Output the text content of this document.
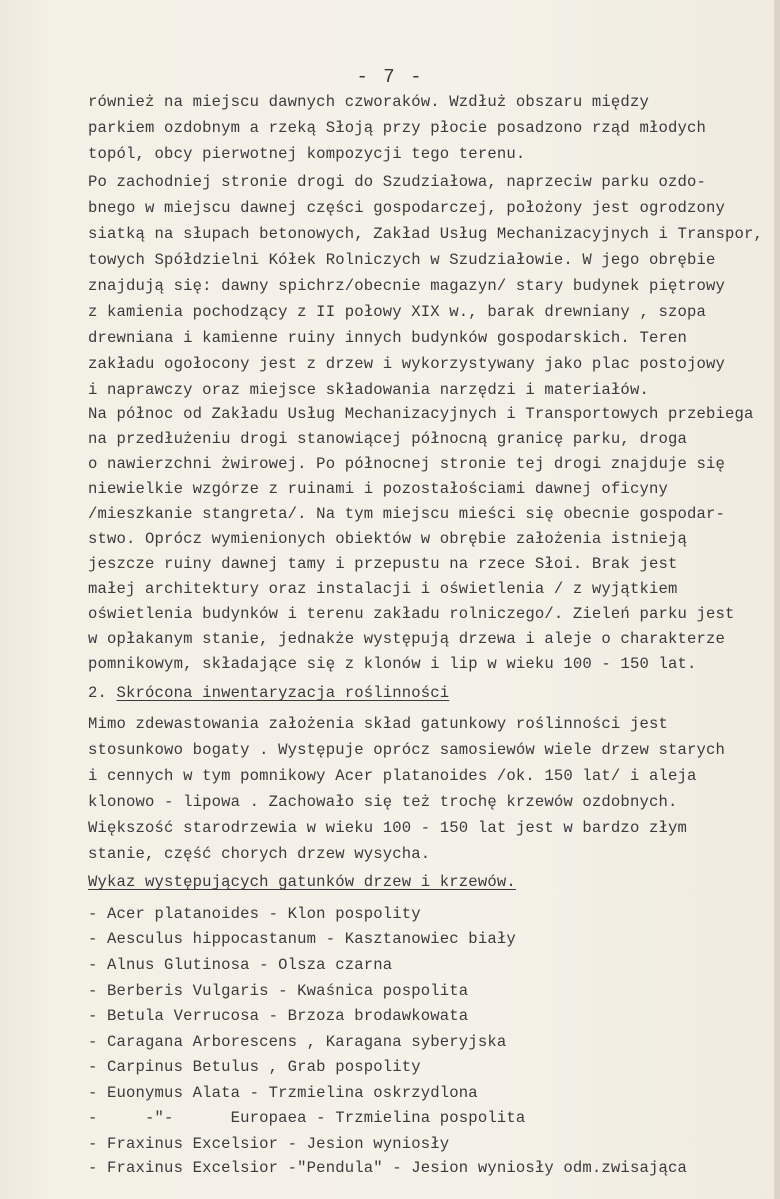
- 7 -
również na miejscu dawnych czworaków. Wzdłuż obszaru między
parkiem ozdobnym a rzeką Słoją przy płocie posadzono rząd młodych
topól, obcy pierwotnej kompozycji tego terenu.
Po zachodniej stronie drogi do Szudziałowa, naprzeciw parku ozdo-
bnego w miejscu dawnej części gospodarczej, położony jest ogrodzony
siatką na słupach betonowych, Zakład Usług Mechanizacyjnych i Transpor,
towych Spółdzielni Kółek Rolniczych w Szudziałowie. W jego obrębie
znajdują się: dawny spichrz/obecnie magazyn/ stary budynek piętrowy
z kamienia pochodzący z II połowy XIX w., barak drewniany , szopa
drewniana i kamienne ruiny innych budynków gospodarskich. Teren
zakładu ogołocony jest z drzew i wykorzystywany jako plac postojowy
i naprawczy oraz miejsce składowania narzędzi i materiałów.
Na północ od Zakładu Usług Mechanizacyjnych i Transportowych przebiega
na przedłużeniu drogi stanowiącej północną granicę parku, droga
o nawierzchni żwirowej. Po północnej stronie tej drogi znajduje się
niewielkie wzgórze z ruinami i pozostałościami dawnej oficyny
/mieszkanie stangreta/. Na tym miejscu mieści się obecnie gospodar-
stwo. Oprócz wymienionych obiektów w obrębie założenia istnieją
jeszcze ruiny dawnej tamy i przepustu na rzece Słoi. Brak jest
małej architektury oraz instalacji i oświetlenia / z wyjątkiem
oświetlenia budynków i terenu zakładu rolniczego/. Zieleń parku jest
w opłakanym stanie, jednakże występują drzewa i aleje o charakterze
pomnikowym, składające się z klonów i lip w wieku 100 - 150 lat.
2. Skrócona inwentaryzacja roślinności
Mimo zdewastowania założenia skład gatunkowy roślinności jest
stosunkowo bogaty . Występuje oprócz samosiewów wiele drzew starych
i cennych w tym pomnikowy Acer platanoides /ok. 150 lat/ i aleja
klonowo - lipowa . Zachowało się też trochę krzewów ozdobnych.
Większość starodrzewia w wieku 100 - 150 lat jest w bardzo złym
stanie, część chorych drzew wysycha.
Wykaz występujących gatunków drzew i krzewów.
- Acer platanoides - Klon pospolity
- Aesculus hippocastanum - Kasztanowiec biały
- Alnus Glutinosa - Olsza czarna
- Berberis Vulgaris - Kwaśnica pospolita
- Betula Verrucosa - Brzoza brodawkowata
- Caragana Arborescens , Karagana syberyjska
- Carpinus Betulus , Grab pospolity
- Euonymus Alata - Trzmielina oskrzydlona
-     -"-      Europaea - Trzmielina pospolita
- Fraxinus Excelsior - Jesion wyniosły
- Fraxinus Excelsior -"Pendula" - Jesion wyniosły odm.zwisająca
